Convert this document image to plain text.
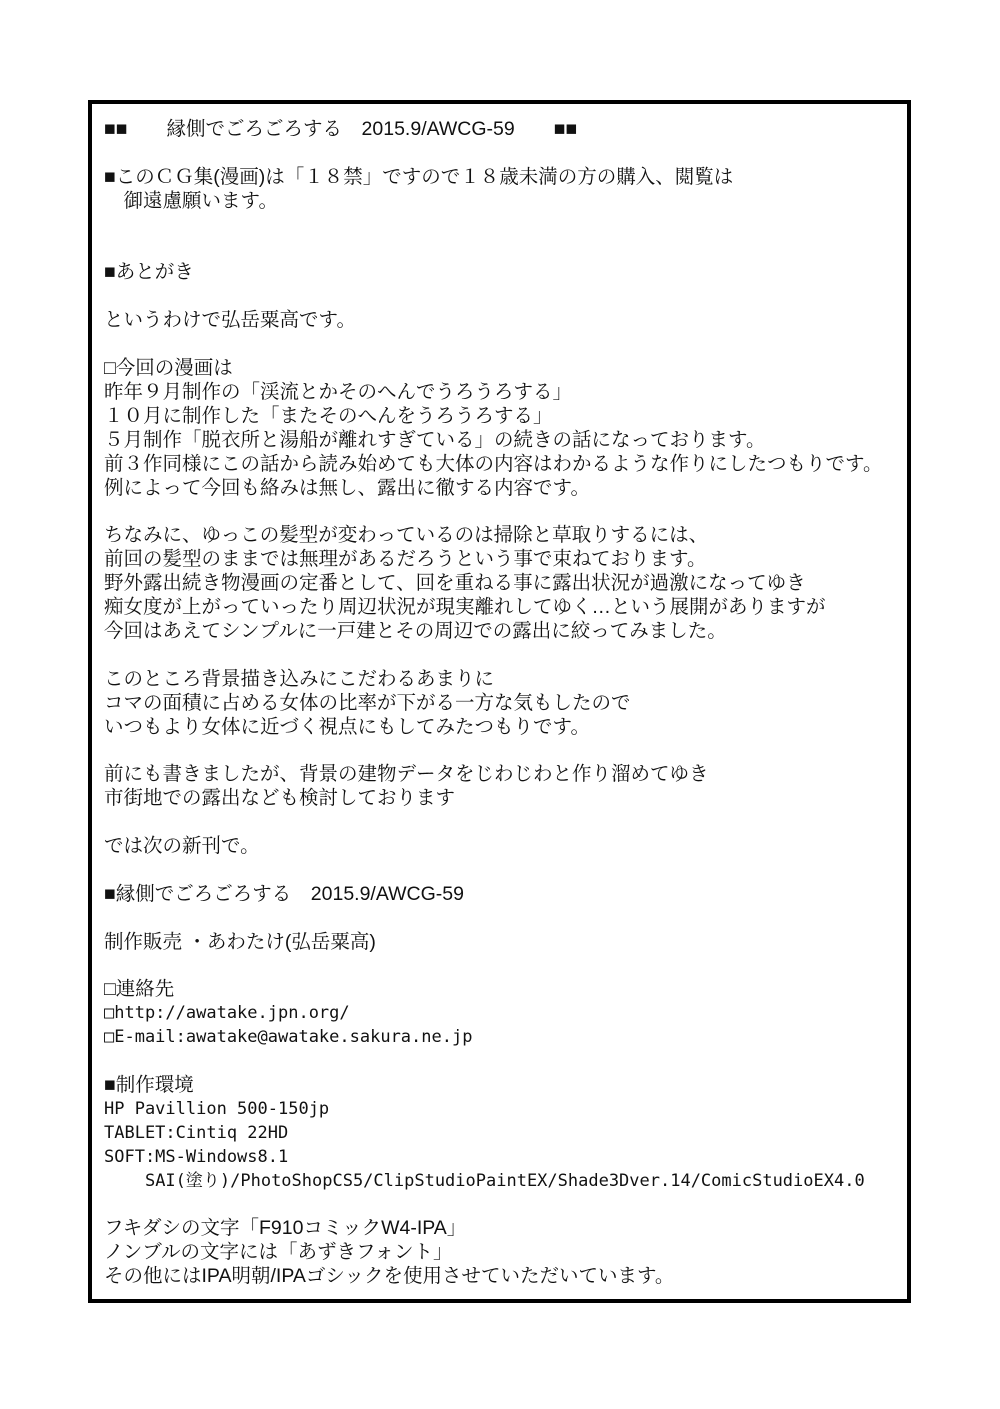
■■　　縁側でごろごろする　2015.9/AWCG-59　　■■
■このＣＧ集(漫画)は「１８禁」ですので１８歳未満の方の購入、閲覧は
　御遠慮願います。
■あとがき
というわけで弘岳粟高です。
□今回の漫画は
昨年９月制作の「渓流とかそのへんでうろうろする」
１０月に制作した「またそのへんをうろうろする」
５月制作「脱衣所と湯船が離れすぎている」の続きの話になっております。
前３作同様にこの話から読み始めても大体の内容はわかるような作りにしたつもりです。
例によって今回も絡みは無し、露出に徹する内容です。
ちなみに、ゆっこの髪型が変わっているのは掃除と草取りするには、
前回の髪型のままでは無理があるだろうという事で束ねております。
野外露出続き物漫画の定番として、回を重ねる事に露出状況が過激になってゆき
痴女度が上がっていったり周辺状況が現実離れしてゆく…という展開がありますが
今回はあえてシンプルに一戸建とその周辺での露出に絞ってみました。
このところ背景描き込みにこだわるあまりに
コマの面積に占める女体の比率が下がる一方な気もしたので
いつもより女体に近づく視点にもしてみたつもりです。
前にも書きましたが、背景の建物データをじわじわと作り溜めてゆき
市街地での露出なども検討しております
では次の新刊で。
■縁側でごろごろする　2015.9/AWCG-59
制作販売 ・あわたけ(弘岳粟高)
□連絡先
□http://awatake.jpn.org/
□E-mail:awatake@awatake.sakura.ne.jp
■制作環境
HP Pavillion 500-150jp
TABLET:Cintiq 22HD
SOFT:MS-Windows8.1
SAI(塗り)/PhotoShopCS5/ClipStudioPaintEX/Shade3Dver.14/ComicStudioEX4.0
フキダシの文字「F910コミックW4-IPA」
ノンブルの文字には「あずきフォント」
その他にはIPA明朝/IPAゴシックを使用させていただいています。
